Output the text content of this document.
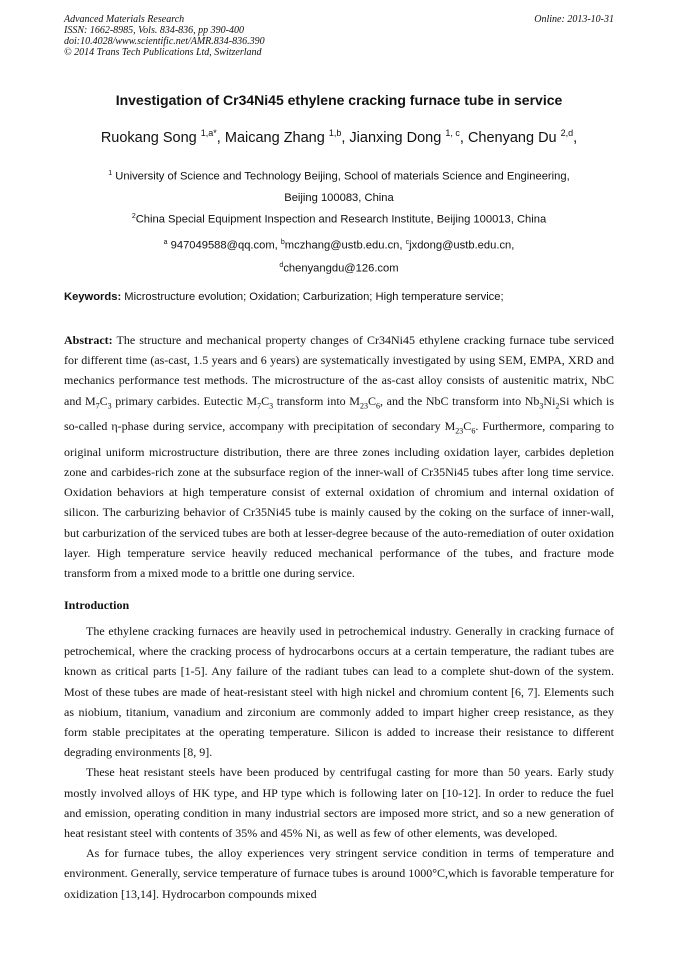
Advanced Materials Research
ISSN: 1662-8985, Vols. 834-836, pp 390-400
doi:10.4028/www.scientific.net/AMR.834-836.390
© 2014 Trans Tech Publications Ltd, Switzerland
Online: 2013-10-31
Investigation of Cr34Ni45 ethylene cracking furnace tube in service
Ruokang Song $^{1,a*}$, Maicang Zhang $^{1,b}$, Jianxing Dong $^{1, c}$, Chenyang Du $^{2,d}$,
$^1$ University of Science and Technology Beijing, School of materials Science and Engineering,
Beijing 100083, China
$^2$China Special Equipment Inspection and Research Institute, Beijing 100013, China
$^a$ 947049588@qq.com, $^b$mczhang@ustb.edu.cn, $^c$jxdong@ustb.edu.cn,
$^d$chenyangdu@126.com
Keywords: Microstructure evolution; Oxidation; Carburization; High temperature service;
Abstract: The structure and mechanical property changes of Cr34Ni45 ethylene cracking furnace tube serviced for different time (as-cast, 1.5 years and 6 years) are systematically investigated by using SEM, EMPA, XRD and mechanics performance test methods. The microstructure of the as-cast alloy consists of austenitic matrix, NbC and $M_7C_3$ primary carbides. Eutectic $M_7C_3$ transform into $M_{23}C_6$, and the NbC transform into $Nb_3Ni_2Si$ which is so-called η-phase during service, accompany with precipitation of secondary $M_{23}C_6$. Furthermore, comparing to original uniform microstructure distribution, there are three zones including oxidation layer, carbides depletion zone and carbides-rich zone at the subsurface region of the inner-wall of Cr35Ni45 tubes after long time service. Oxidation behaviors at high temperature consist of external oxidation of chromium and internal oxidation of silicon. The carburizing behavior of Cr35Ni45 tube is mainly caused by the coking on the surface of inner-wall, but carburization of the serviced tubes are both at lesser-degree because of the auto-remediation of outer oxidation layer. High temperature service heavily reduced mechanical performance of the tubes, and fracture mode transform from a mixed mode to a brittle one during service.
Introduction

The ethylene cracking furnaces are heavily used in petrochemical industry. Generally in cracking furnace of petrochemical, where the cracking process of hydrocarbons occurs at a certain temperature, the radiant tubes are known as critical parts [1-5]. Any failure of the radiant tubes can lead to a complete shut-down of the system. Most of these tubes are made of heat-resistant steel with high nickel and chromium content [6, 7]. Elements such as niobium, titanium, vanadium and zirconium are commonly added to impart higher creep resistance, as they form stable precipitates at the operating temperature. Silicon is added to increase their resistance to different degrading environments [8, 9].

These heat resistant steels have been produced by centrifugal casting for more than 50 years. Early study mostly involved alloys of HK type, and HP type which is following later on [10-12]. In order to reduce the fuel and emission, operating condition in many industrial sectors are imposed more strict, and so a new generation of heat resistant steel with contents of 35% and 45% Ni, as well as few of other elements, was developed.

As for furnace tubes, the alloy experiences very stringent service condition in terms of temperature and environment. Generally, service temperature of furnace tubes is around 1000°C,which is favorable temperature for oxidization [13,14]. Hydrocarbon compounds mixed
